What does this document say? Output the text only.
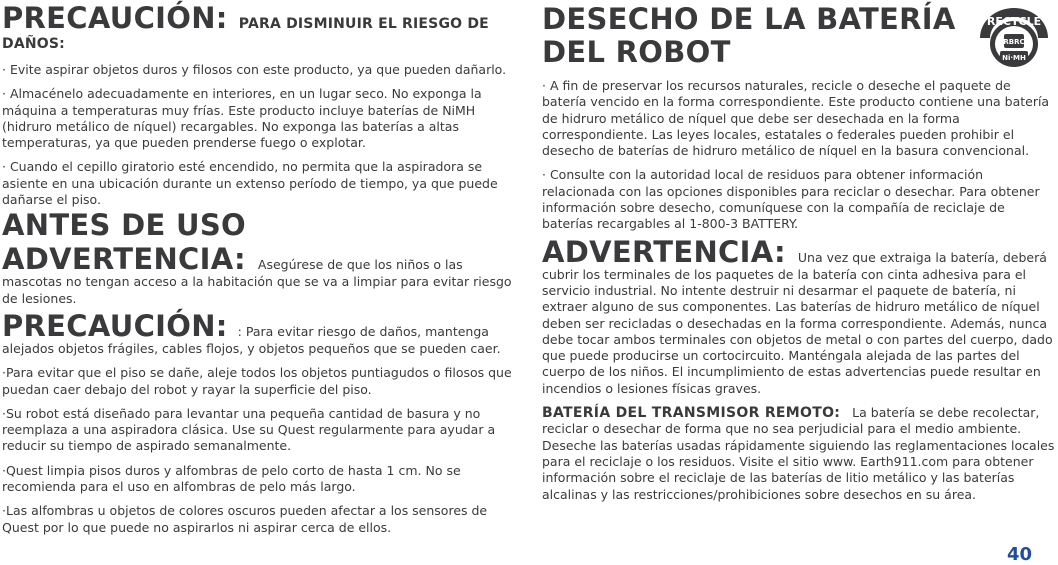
PRECAUCIÓN: PARA DISMINUIR EL RIESGO DE DAÑOS:

· Evite aspirar objetos duros y filosos con este producto, ya que pueden dañarlo.

· Almacénelo adecuadamente en interiores, en un lugar seco. No exponga la máquina a temperaturas muy frías. Este producto incluye baterías de NiMH (hidruro metálico de níquel) recargables. No exponga las baterías a altas temperaturas, ya que pueden prenderse fuego o explotar.

· Cuando el cepillo giratorio esté encendido, no permita que la aspiradora se asiente en una ubicación durante un extenso período de tiempo, ya que puede dañarse el piso.

ANTES DE USO

ADVERTENCIA: Asegúrese de que los niños o las mascotas no tengan acceso a la habitación que se va a limpiar para evitar riesgo de lesiones.

PRECAUCIÓN: : Para evitar riesgo de daños, mantenga alejados objetos frágiles, cables flojos, y objetos pequeños que se pueden caer.

·Para evitar que el piso se dañe, aleje todos los objetos puntiagudos o filosos que puedan caer debajo del robot y rayar la superficie del piso.

·Su robot está diseñado para levantar una pequeña cantidad de basura y no reemplaza a una aspiradora clásica. Use su Quest regularmente para ayudar a reducir su tiempo de aspirado semanalmente.

·Quest limpia pisos duros y alfombras de pelo corto de hasta 1 cm. No se recomienda para el uso en alfombras de pelo más largo.

·Las alfombras u objetos de colores oscuros pueden afectar a los sensores de Quest por lo que puede no aspirarlos ni aspirar cerca de ellos.

DESECHO DE LA BATERÍA
DEL ROBOT
RECYCLE
RBRC
Ni·MH

· A fin de preservar los recursos naturales, recicle o deseche el paquete de batería vencido en la forma correspondiente. Este producto contiene una batería de hidruro metálico de níquel que debe ser desechada en la forma correspondiente. Las leyes locales, estatales o federales pueden prohibir el desecho de baterías de hidruro metálico de níquel en la basura convencional.

· Consulte con la autoridad local de residuos para obtener información relacionada con las opciones disponibles para reciclar o desechar. Para obtener información sobre desecho, comuníquese con la compañía de reciclaje de baterías recargables al 1-800-3 BATTERY.

ADVERTENCIA: Una vez que extraiga la batería, deberá cubrir los terminales de los paquetes de la batería con cinta adhesiva para el servicio industrial. No intente destruir ni desarmar el paquete de batería, ni extraer alguno de sus componentes. Las baterías de hidruro metálico de níquel deben ser recicladas o desechadas en la forma correspondiente. Además, nunca debe tocar ambos terminales con objetos de metal o con partes del cuerpo, dado que puede producirse un cortocircuito. Manténgala alejada de las partes del cuerpo de los niños. El incumplimiento de estas advertencias puede resultar en incendios o lesiones físicas graves.

BATERÍA DEL TRANSMISOR REMOTO: La batería se debe recolectar, reciclar o desechar de forma que no sea perjudicial para el medio ambiente. Deseche las baterías usadas rápidamente siguiendo las reglamentaciones locales para el reciclaje o los residuos. Visite el sitio www. Earth911.com para obtener información sobre el reciclaje de las baterías de litio metálico y las baterías alcalinas y las restricciones/prohibiciones sobre desechos en su área.

40
